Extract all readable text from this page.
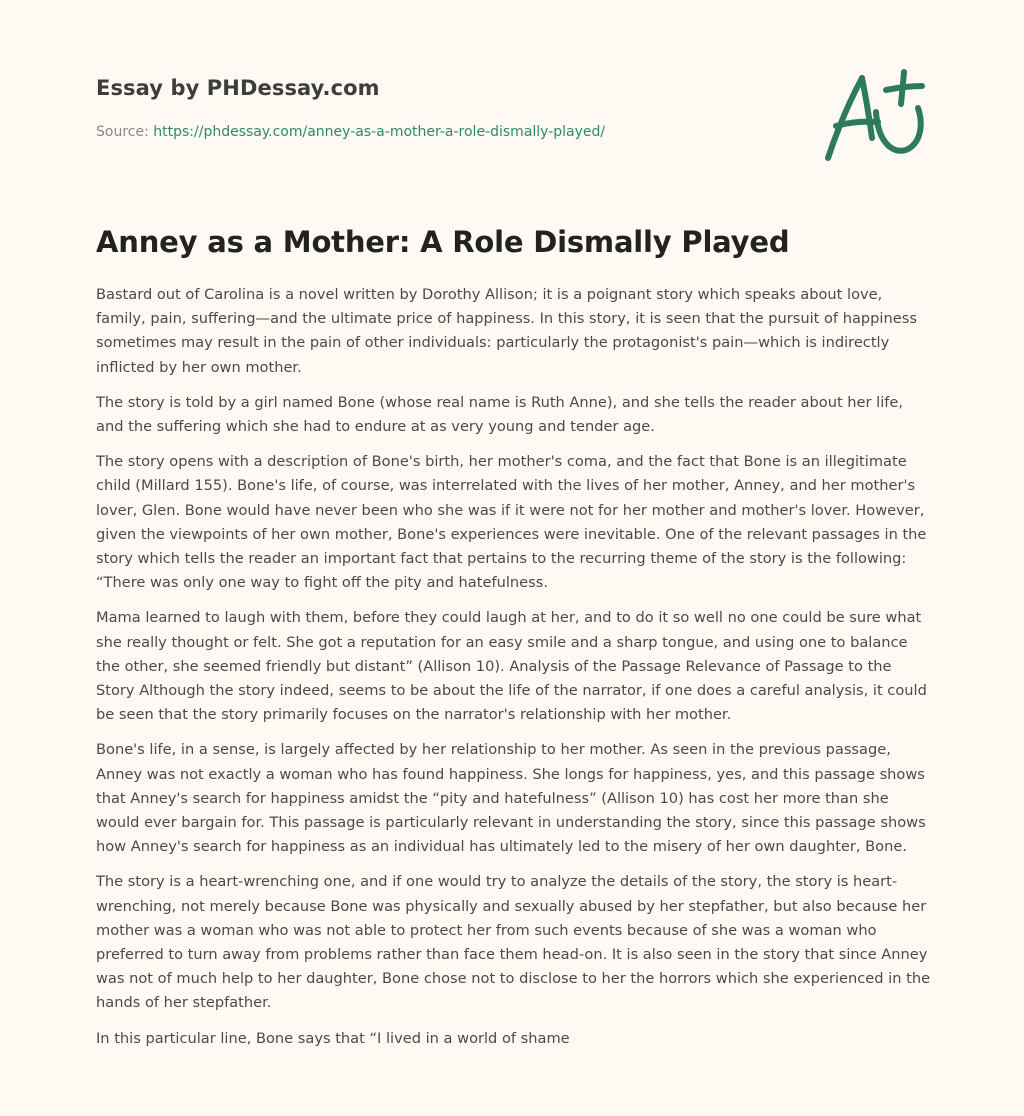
Essay by PHDessay.com
Source: https://phdessay.com/anney-as-a-mother-a-role-dismally-played/
Anney as a Mother: A Role Dismally Played

Bastard out of Carolina is a novel written by Dorothy Allison; it is a poignant story which speaks about love, family, pain, suffering—and the ultimate price of happiness. In this story, it is seen that the pursuit of happiness sometimes may result in the pain of other individuals: particularly the protagonist's pain—which is indirectly inflicted by her own mother.

The story is told by a girl named Bone (whose real name is Ruth Anne), and she tells the reader about her life, and the suffering which she had to endure at as very young and tender age.

The story opens with a description of Bone's birth, her mother's coma, and the fact that Bone is an illegitimate child (Millard 155). Bone's life, of course, was interrelated with the lives of her mother, Anney, and her mother's lover, Glen. Bone would have never been who she was if it were not for her mother and mother's lover. However, given the viewpoints of her own mother, Bone's experiences were inevitable. One of the relevant passages in the story which tells the reader an important fact that pertains to the recurring theme of the story is the following: “There was only one way to fight off the pity and hatefulness.

Mama learned to laugh with them, before they could laugh at her, and to do it so well no one could be sure what she really thought or felt. She got a reputation for an easy smile and a sharp tongue, and using one to balance the other, she seemed friendly but distant” (Allison 10). Analysis of the Passage Relevance of Passage to the Story Although the story indeed, seems to be about the life of the narrator, if one does a careful analysis, it could be seen that the story primarily focuses on the narrator's relationship with her mother.

Bone's life, in a sense, is largely affected by her relationship to her mother. As seen in the previous passage, Anney was not exactly a woman who has found happiness. She longs for happiness, yes, and this passage shows that Anney's search for happiness amidst the “pity and hatefulness” (Allison 10) has cost her more than she would ever bargain for. This passage is particularly relevant in understanding the story, since this passage shows how Anney's search for happiness as an individual has ultimately led to the misery of her own daughter, Bone.

The story is a heart-wrenching one, and if one would try to analyze the details of the story, the story is heart-wrenching, not merely because Bone was physically and sexually abused by her stepfather, but also because her mother was a woman who was not able to protect her from such events because of she was a woman who preferred to turn away from problems rather than face them head-on. It is also seen in the story that since Anney was not of much help to her daughter, Bone chose not to disclose to her the horrors which she experienced in the hands of her stepfather.

In this particular line, Bone says that “I lived in a world of shame
